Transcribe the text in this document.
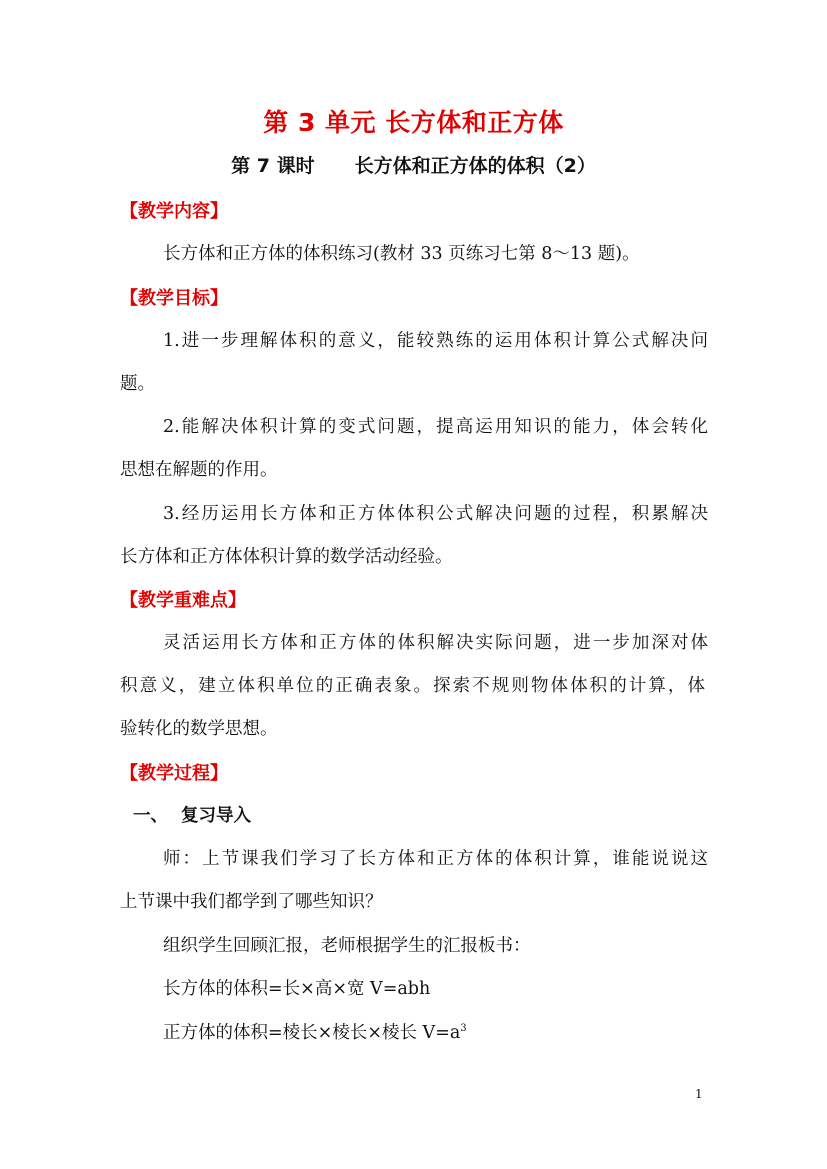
第 3 单元 长方体和正方体
第 7 课时 长方体和正方体的体积（2）
【教学内容】
长方体和正方体的体积练习(教材 33 页练习七第 8～13 题)。
【教学目标】
1.进一步理解体积的意义，能较熟练的运用体积计算公式解决问
题。
2.能解决体积计算的变式问题，提高运用知识的能力，体会转化
思想在解题的作用。
3.经历运用长方体和正方体体积公式解决问题的过程，积累解决
长方体和正方体体积计算的数学活动经验。
【教学重难点】
灵活运用长方体和正方体的体积解决实际问题，进一步加深对体
积意义，建立体积单位的正确表象。探索不规则物体体积的计算，体
验转化的数学思想。
【教学过程】
一、 复习导入
师：上节课我们学习了长方体和正方体的体积计算，谁能说说这
上节课中我们都学到了哪些知识？
组织学生回顾汇报，老师根据学生的汇报板书：
长方体的体积=长×高×宽 V=abh
正方体的体积=棱长×棱长×棱长 $V=a^3$
1
